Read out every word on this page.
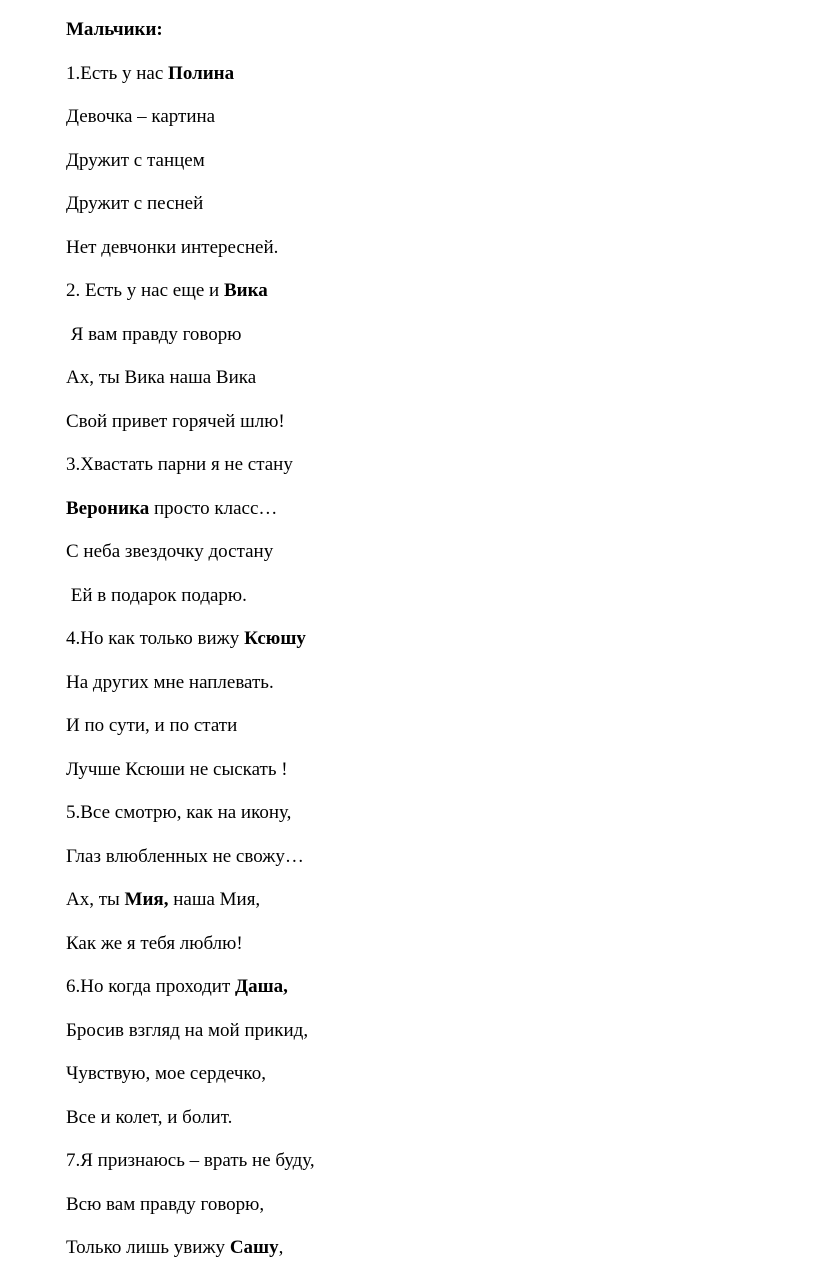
Мальчики:
1.Есть у нас Полина
Девочка – картина
Дружит с танцем
Дружит с песней
Нет девчонки интересней.
2. Есть у нас еще и Вика
Я вам правду говорю
Ах, ты Вика наша Вика
Свой привет горячей шлю!
3.Хвастать парни я не стану
Вероника просто класс…
С неба звездочку достану
Ей в подарок подарю.
4.Но как только вижу Ксюшу
На других мне наплевать.
И по сути, и по стати
Лучше Ксюши не сыскать !
5.Все смотрю, как на икону,
Глаз влюбленных не свожу…
Ах, ты Мия, наша Мия,
Как же я тебя люблю!
6.Но когда проходит Даша,
Бросив взгляд на мой прикид,
Чувствую, мое сердечко,
Все и колет, и болит.
7.Я признаюсь – врать не буду,
Всю вам правду говорю,
Только лишь увижу Сашу,
